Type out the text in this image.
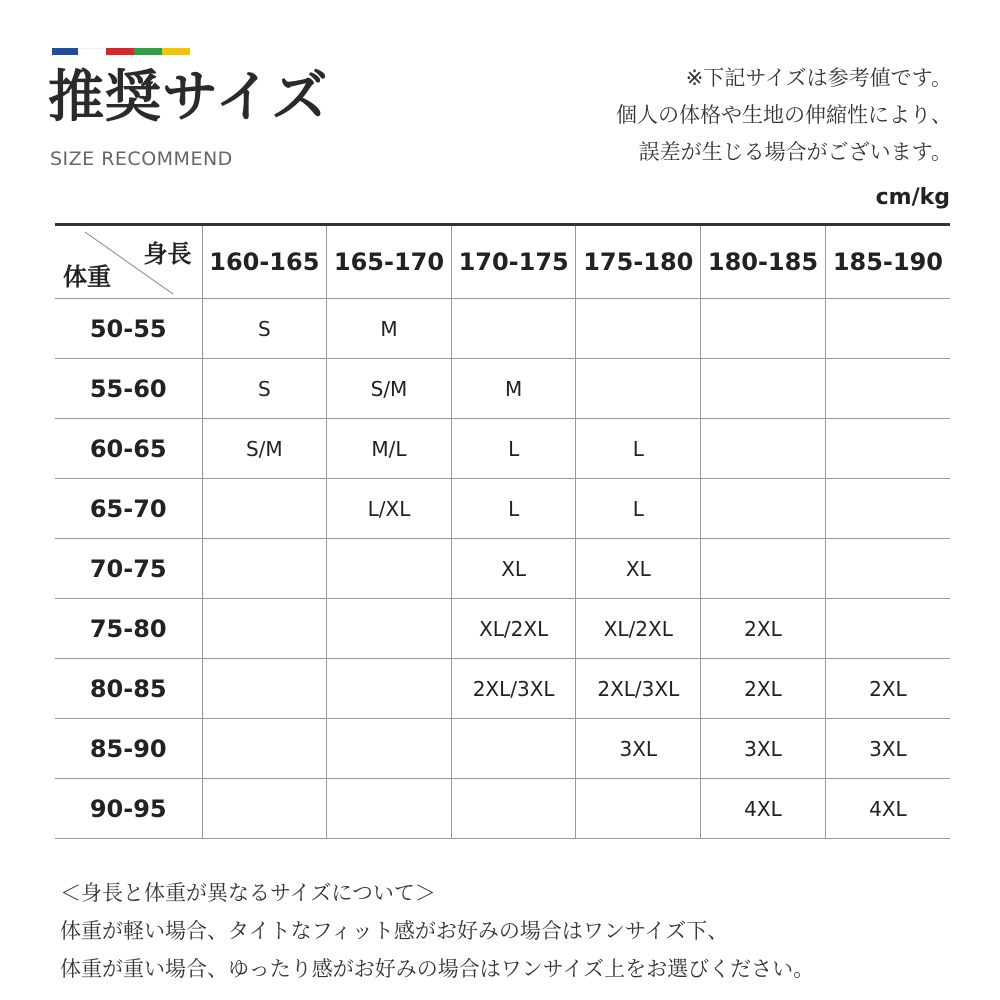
推奨サイズ
SIZE RECOMMEND
※下記サイズは参考値です。
個人の体格や生地の伸縮性により、
誤差が生じる場合がございます。
cm/kg
身長
体重	160-165	165-170	170-175	175-180	180-185	185-190
50-55	S	M				
55-60	S	S/M	M			
60-65	S/M	M/L	L	L		
65-70		L/XL	L	L		
70-75			XL	XL		
75-80			XL/2XL	XL/2XL	2XL	
80-85			2XL/3XL	2XL/3XL	2XL	2XL
85-90				3XL	3XL	3XL
90-95					4XL	4XL
＜身長と体重が異なるサイズについて＞
体重が軽い場合、タイトなフィット感がお好みの場合はワンサイズ下、
体重が重い場合、ゆったり感がお好みの場合はワンサイズ上をお選びください。
